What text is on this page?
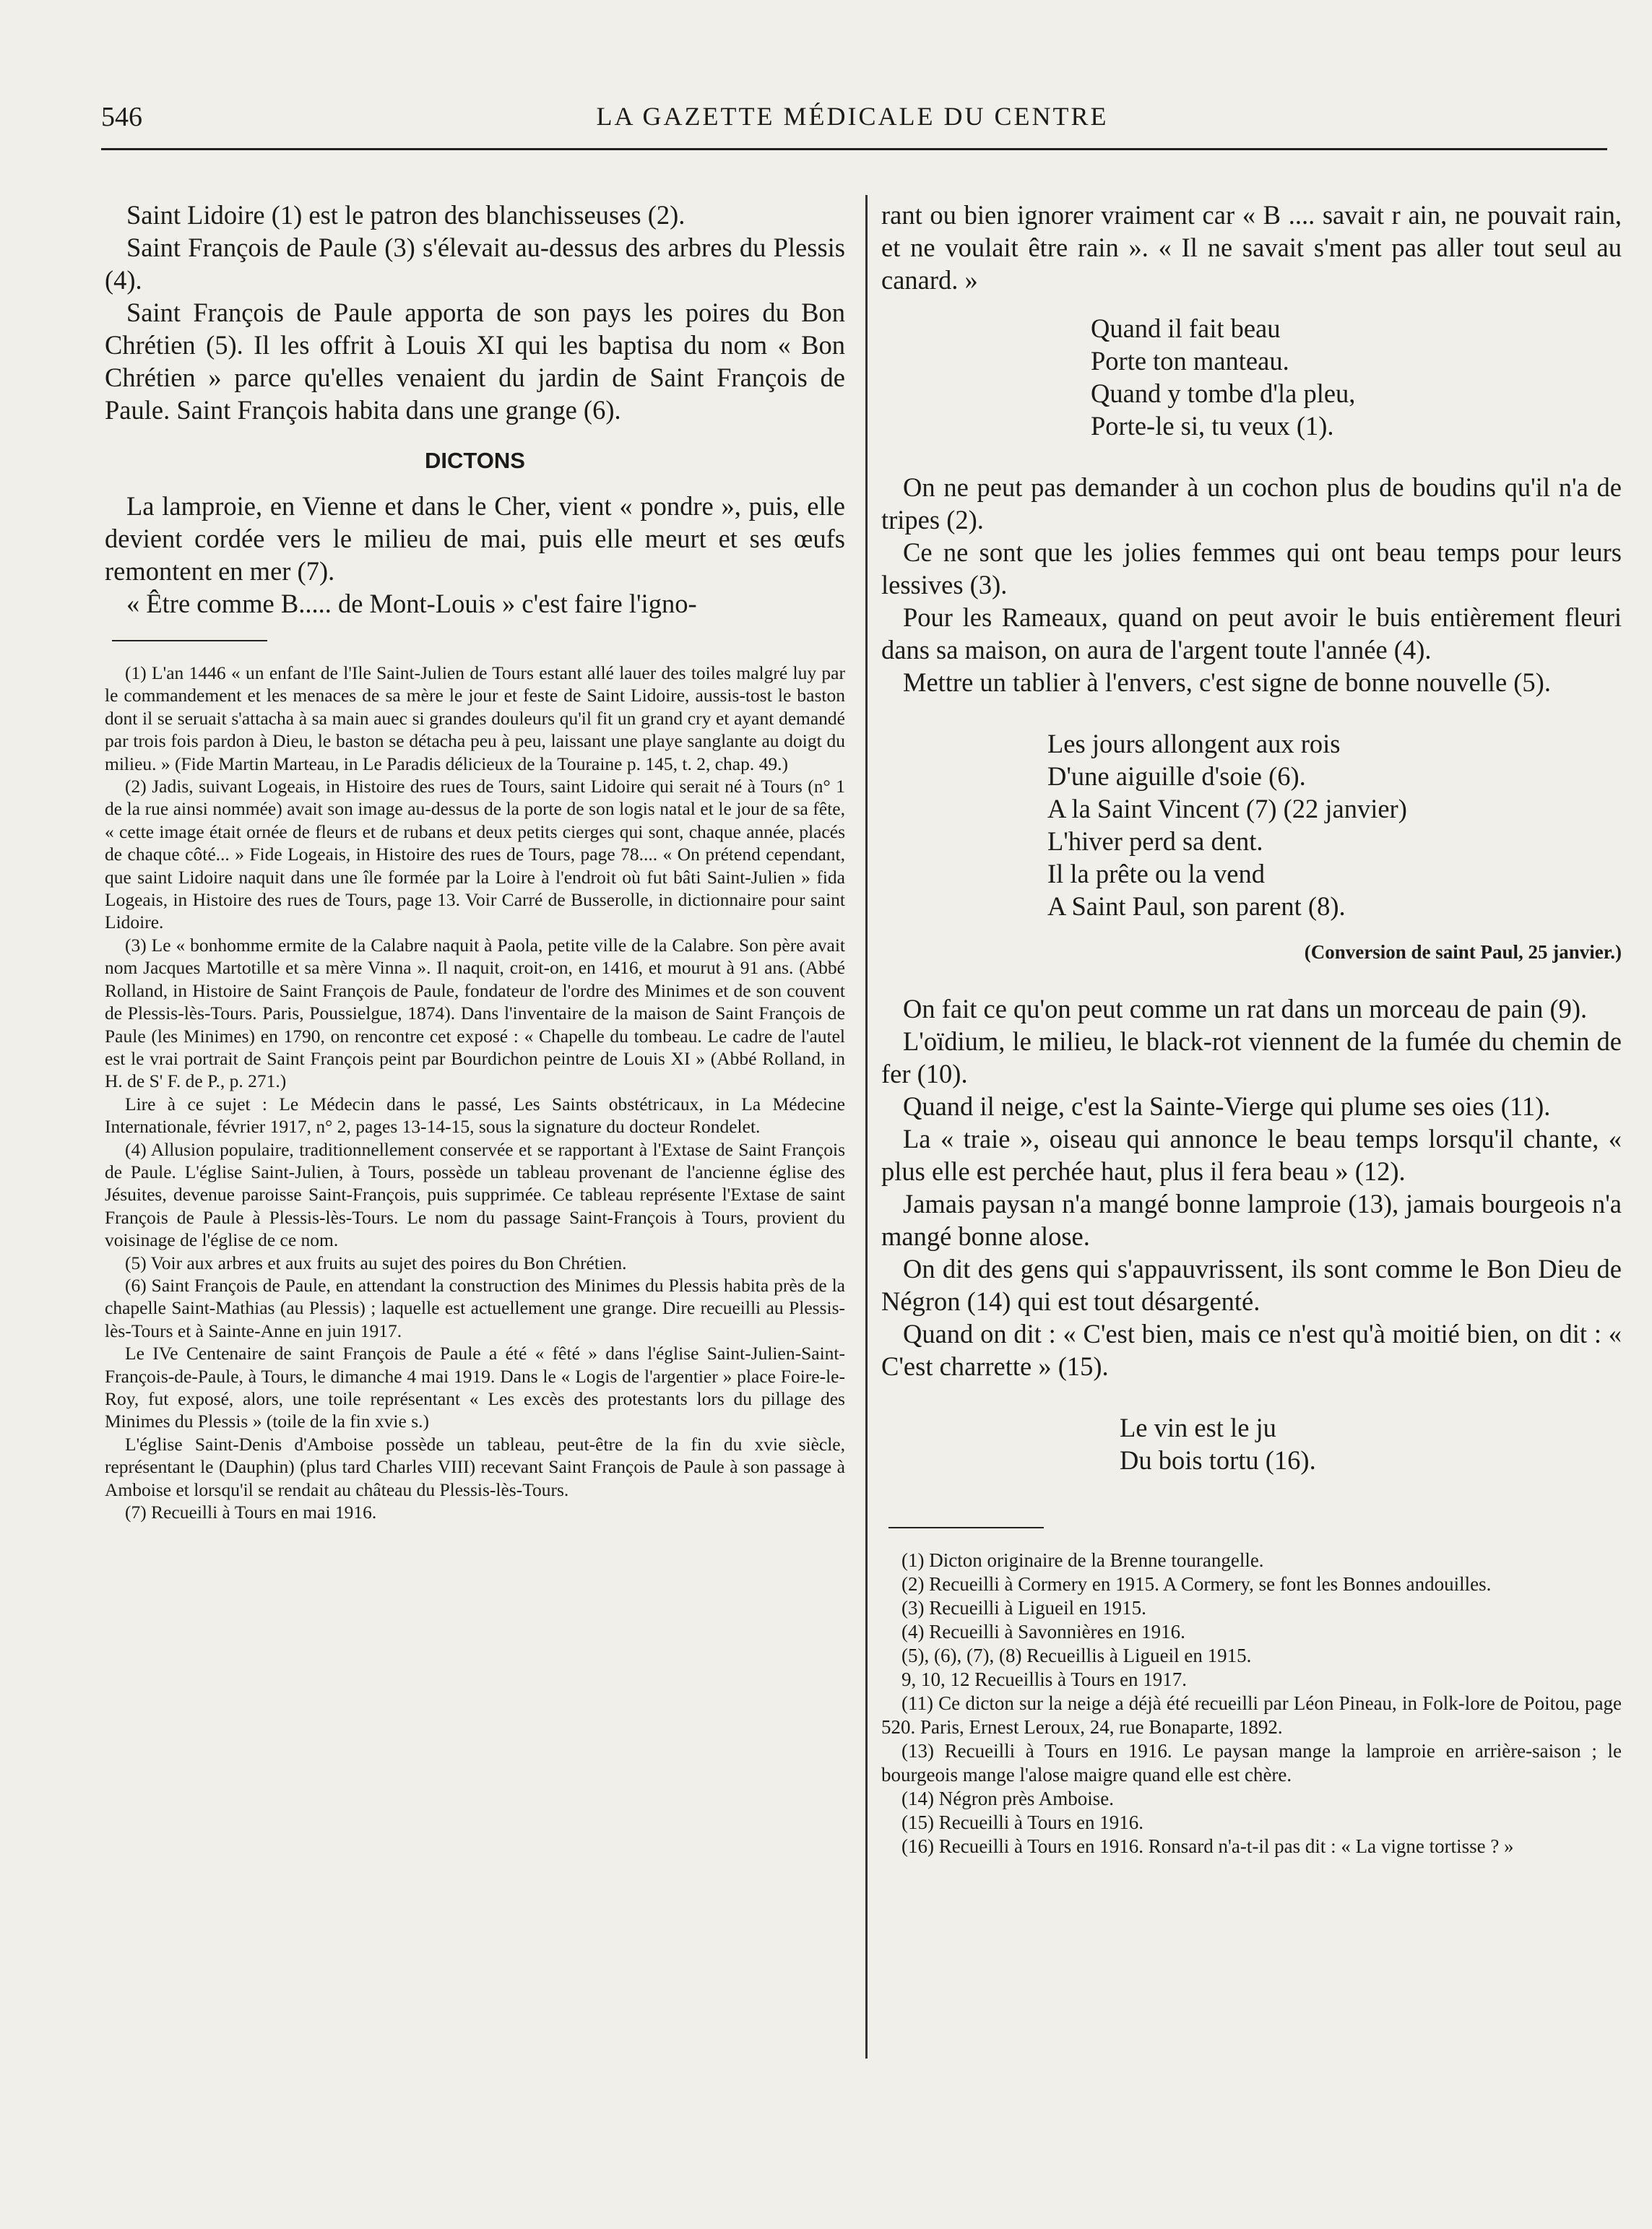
546	LA GAZETTE MÉDICALE DU CENTRE

Saint Lidoire (1) est le patron des blanchisseuses (2).

Saint François de Paule (3) s'élevait au-dessus des arbres du Plessis (4).

Saint François de Paule apporta de son pays les poires du Bon Chrétien (5). Il les offrit à Louis XI qui les baptisa du nom « Bon Chrétien » parce qu'elles venaient du jardin de Saint François de Paule. Saint François habita dans une grange (6).

DICTONS

La lamproie, en Vienne et dans le Cher, vient « pondre », puis, elle devient cordée vers le milieu de mai, puis elle meurt et ses œufs remontent en mer (7).

« Être comme B..... de Mont-Louis » c'est faire l'igno-

(1) L'an 1446 « un enfant de l'Ile Saint-Julien de Tours estant allé lauer des toiles malgré luy par le commandement et les menaces de sa mère le jour et feste de Saint Lidoire, aussis-tost le baston dont il se seruait s'attacha à sa main auec si grandes douleurs qu'il fit un grand cry et ayant demandé par trois fois pardon à Dieu, le baston se détacha peu à peu, laissant une playe sanglante au doigt du milieu. » (Fide Martin Marteau, in Le Paradis délicieux de la Touraine p. 145, t. 2, chap. 49.)

(2) Jadis, suivant Logeais, in Histoire des rues de Tours, saint Lidoire qui serait né à Tours (n° 1 de la rue ainsi nommée) avait son image au-dessus de la porte de son logis natal et le jour de sa fête, « cette image était ornée de fleurs et de rubans et deux petits cierges qui sont, chaque année, placés de chaque côté... » Fide Logeais, in Histoire des rues de Tours, page 78.... « On prétend cependant, que saint Lidoire naquit dans une île formée par la Loire à l'endroit où fut bâti Saint-Julien » fida Logeais, in Histoire des rues de Tours, page 13. Voir Carré de Busserolle, in dictionnaire pour saint Lidoire.

(3) Le « bonhomme ermite de la Calabre naquit à Paola, petite ville de la Calabre. Son père avait nom Jacques Martotille et sa mère Vinna ». Il naquit, croit-on, en 1416, et mourut à 91 ans. (Abbé Rolland, in Histoire de Saint François de Paule, fondateur de l'ordre des Minimes et de son couvent de Plessis-lès-Tours. Paris, Poussielgue, 1874). Dans l'inventaire de la maison de Saint François de Paule (les Minimes) en 1790, on rencontre cet exposé : « Chapelle du tombeau. Le cadre de l'autel est le vrai portrait de Saint François peint par Bourdichon peintre de Louis XI » (Abbé Rolland, in H. de S' F. de P., p. 271.)

Lire à ce sujet : Le Médecin dans le passé, Les Saints obstétricaux, in La Médecine Internationale, février 1917, n° 2, pages 13-14-15, sous la signature du docteur Rondelet.

(4) Allusion populaire, traditionnellement conservée et se rapportant à l'Extase de Saint François de Paule. L'église Saint-Julien, à Tours, possède un tableau provenant de l'ancienne église des Jésuites, devenue paroisse Saint-François, puis supprimée. Ce tableau représente l'Extase de saint François de Paule à Plessis-lès-Tours. Le nom du passage Saint-François à Tours, provient du voisinage de l'église de ce nom.

(5) Voir aux arbres et aux fruits au sujet des poires du Bon Chrétien.

(6) Saint François de Paule, en attendant la construction des Minimes du Plessis habita près de la chapelle Saint-Mathias (au Plessis) ; laquelle est actuellement une grange. Dire recueilli au Plessis-lès-Tours et à Sainte-Anne en juin 1917.

Le IVe Centenaire de saint François de Paule a été « fêté » dans l'église Saint-Julien-Saint-François-de-Paule, à Tours, le dimanche 4 mai 1919. Dans le « Logis de l'argentier » place Foire-le-Roy, fut exposé, alors, une toile représentant « Les excès des protestants lors du pillage des Minimes du Plessis » (toile de la fin xvie s.)

L'église Saint-Denis d'Amboise possède un tableau, peut-être de la fin du xvie siècle, représentant le (Dauphin) (plus tard Charles VIII) recevant Saint François de Paule à son passage à Amboise et lorsqu'il se rendait au château du Plessis-lès-Tours.

(7) Recueilli à Tours en mai 1916.

rant ou bien ignorer vraiment car « B .... savait r ain, ne pouvait rain, et ne voulait être rain ». « Il ne savait s'ment pas aller tout seul au canard. »

Quand il fait beau

Porte ton manteau.

Quand y tombe d'la pleu,

Porte-le si, tu veux (1).

On ne peut pas demander à un cochon plus de boudins qu'il n'a de tripes (2).

Ce ne sont que les jolies femmes qui ont beau temps pour leurs lessives (3).

Pour les Rameaux, quand on peut avoir le buis entièrement fleuri dans sa maison, on aura de l'argent toute l'année (4).

Mettre un tablier à l'envers, c'est signe de bonne nouvelle (5).

Les jours allongent aux rois

D'une aiguille d'soie (6).

A la Saint Vincent (7) (22 janvier)

L'hiver perd sa dent.

Il la prête ou la vend

A Saint Paul, son parent (8).

(Conversion de saint Paul, 25 janvier.)

On fait ce qu'on peut comme un rat dans un morceau de pain (9).

L'oïdium, le milieu, le black-rot viennent de la fumée du chemin de fer (10).

Quand il neige, c'est la Sainte-Vierge qui plume ses oies (11).

La « traie », oiseau qui annonce le beau temps lorsqu'il chante, « plus elle est perchée haut, plus il fera beau » (12).

Jamais paysan n'a mangé bonne lamproie (13), jamais bourgeois n'a mangé bonne alose.

On dit des gens qui s'appauvrissent, ils sont comme le Bon Dieu de Négron (14) qui est tout désargenté.

Quand on dit : « C'est bien, mais ce n'est qu'à moitié bien, on dit : « C'est charrette » (15).

Le vin est le ju

Du bois tortu (16).

(1) Dicton originaire de la Brenne tourangelle.

(2) Recueilli à Cormery en 1915. A Cormery, se font les Bonnes andouilles.

(3) Recueilli à Ligueil en 1915.

(4) Recueilli à Savonnières en 1916.

(5), (6), (7), (8) Recueillis à Ligueil en 1915.

9, 10, 12 Recueillis à Tours en 1917.

(11) Ce dicton sur la neige a déjà été recueilli par Léon Pineau, in Folk-lore de Poitou, page 520. Paris, Ernest Leroux, 24, rue Bonaparte, 1892.

(13) Recueilli à Tours en 1916. Le paysan mange la lamproie en arrière-saison ; le bourgeois mange l'alose maigre quand elle est chère.

(14) Négron près Amboise.

(15) Recueilli à Tours en 1916.

(16) Recueilli à Tours en 1916. Ronsard n'a-t-il pas dit : « La vigne tortisse ? »
